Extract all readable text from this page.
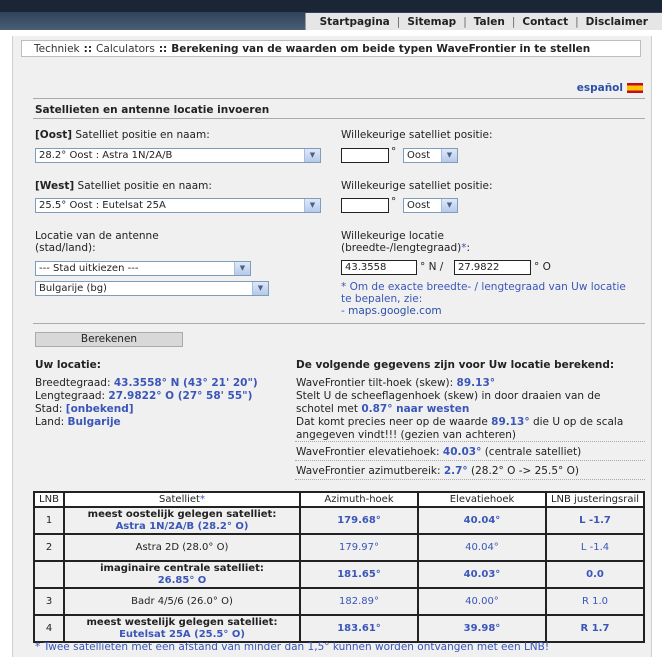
Startpagina | Sitemap | Talen | Contact | Disclaimer
Techniek :: Calculators :: Berekening van de waarden om beide typen WaveFrontier in te stellen
español
Satellieten en antenne locatie invoeren
[Oost] Satelliet positie en naam:
28.2° Oost : Astra 1N/2A/B	▼
Willekeurige satelliet positie:
°	Oost	▼
[West] Satelliet positie en naam:
25.5° Oost : Eutelsat 25A	▼
Willekeurige satelliet positie:
°	Oost	▼
Locatie van de antenne
(stad/land):
--- Stad uitkiezen ---	▼
Bulgarije (bg)	▼
Willekeurige locatie
(breedte-/lengtegraad)*:
43.3558	° N /	27.9822	° O
* Om de exacte breedte- / lengtegraad van Uw locatie
te bepalen, zie:
- maps.google.com
Berekenen
Uw locatie:
Breedtegraad: 43.3558° N (43° 21' 20")
Lengtegraad: 27.9822° O (27° 58' 55")
Stad: [onbekend]
Land: Bulgarije
De volgende gegevens zijn voor Uw locatie berekend:
WaveFrontier tilt-hoek (skew): 89.13°
Stelt U de scheeflagenhoek (skew) in door draaien van de
schotel met 0.87° naar westen
Dat komt precies neer op de waarde 89.13° die U op de scala
angegeven vindt!!! (gezien van achteren)
WaveFrontier elevatiehoek: 40.03° (centrale satelliet)
WaveFrontier azimutbereik: 2.7° (28.2° O -> 25.5° O)
LNB	Satelliet*	Azimuth-hoek	Elevatiehoek	LNB justeringsrail
1	meest oostelijk gelegen satelliet:
Astra 1N/2A/B (28.2° O)	179.68°	40.04°	L -1.7
2	Astra 2D (28.0° O)	179.97°	40.04°	L -1.4
	imaginaire centrale satelliet:
26.85° O	181.65°	40.03°	0.0
3	Badr 4/5/6 (26.0° O)	182.89°	40.00°	R 1.0
4	meest westelijk gelegen satelliet:
Eutelsat 25A (25.5° O)	183.61°	39.98°	R 1.7
* Twee satellieten met een afstand van minder dan 1,5° kunnen worden ontvangen met een LNB!
